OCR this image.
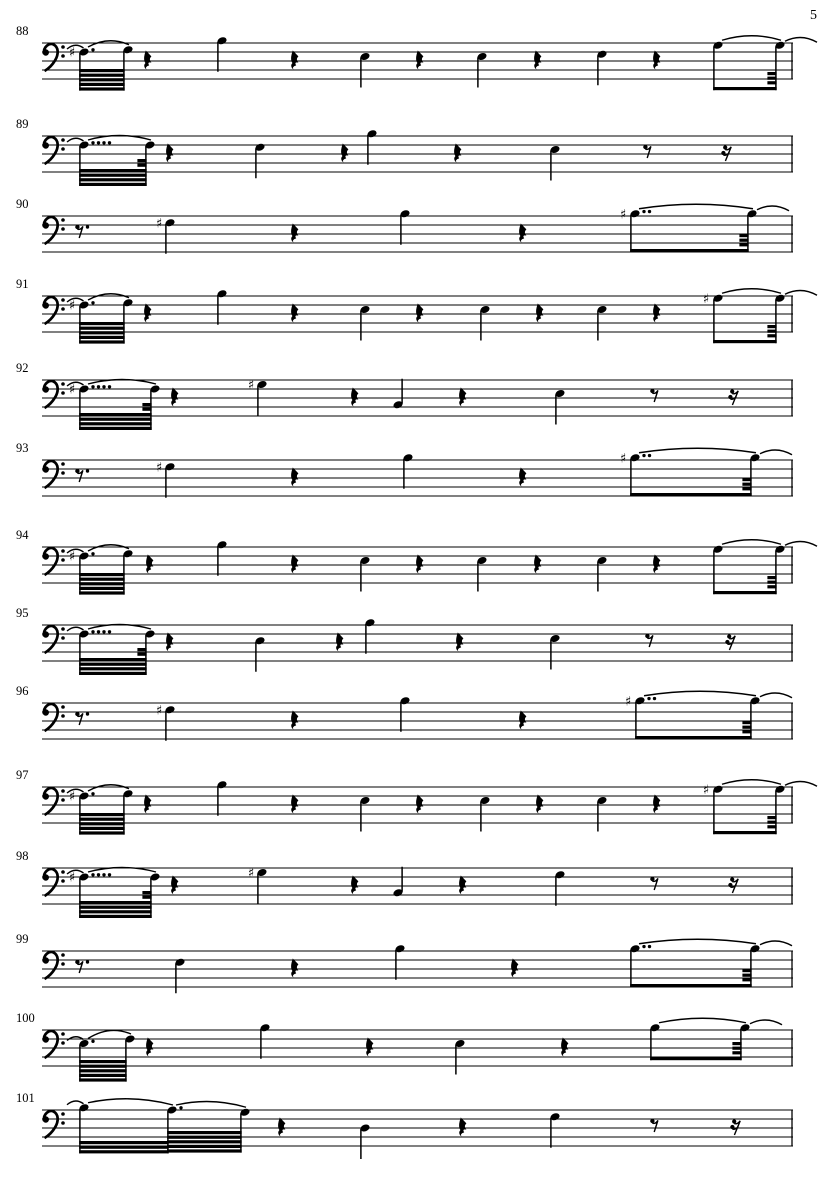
5
88
♯
89
90
♯
♯
91
♯	♯
92
♯	♯
93
♯
♯
94
♯
95
96
♯
♯
97
♯	♯
98
♯	♯
99
100
101
